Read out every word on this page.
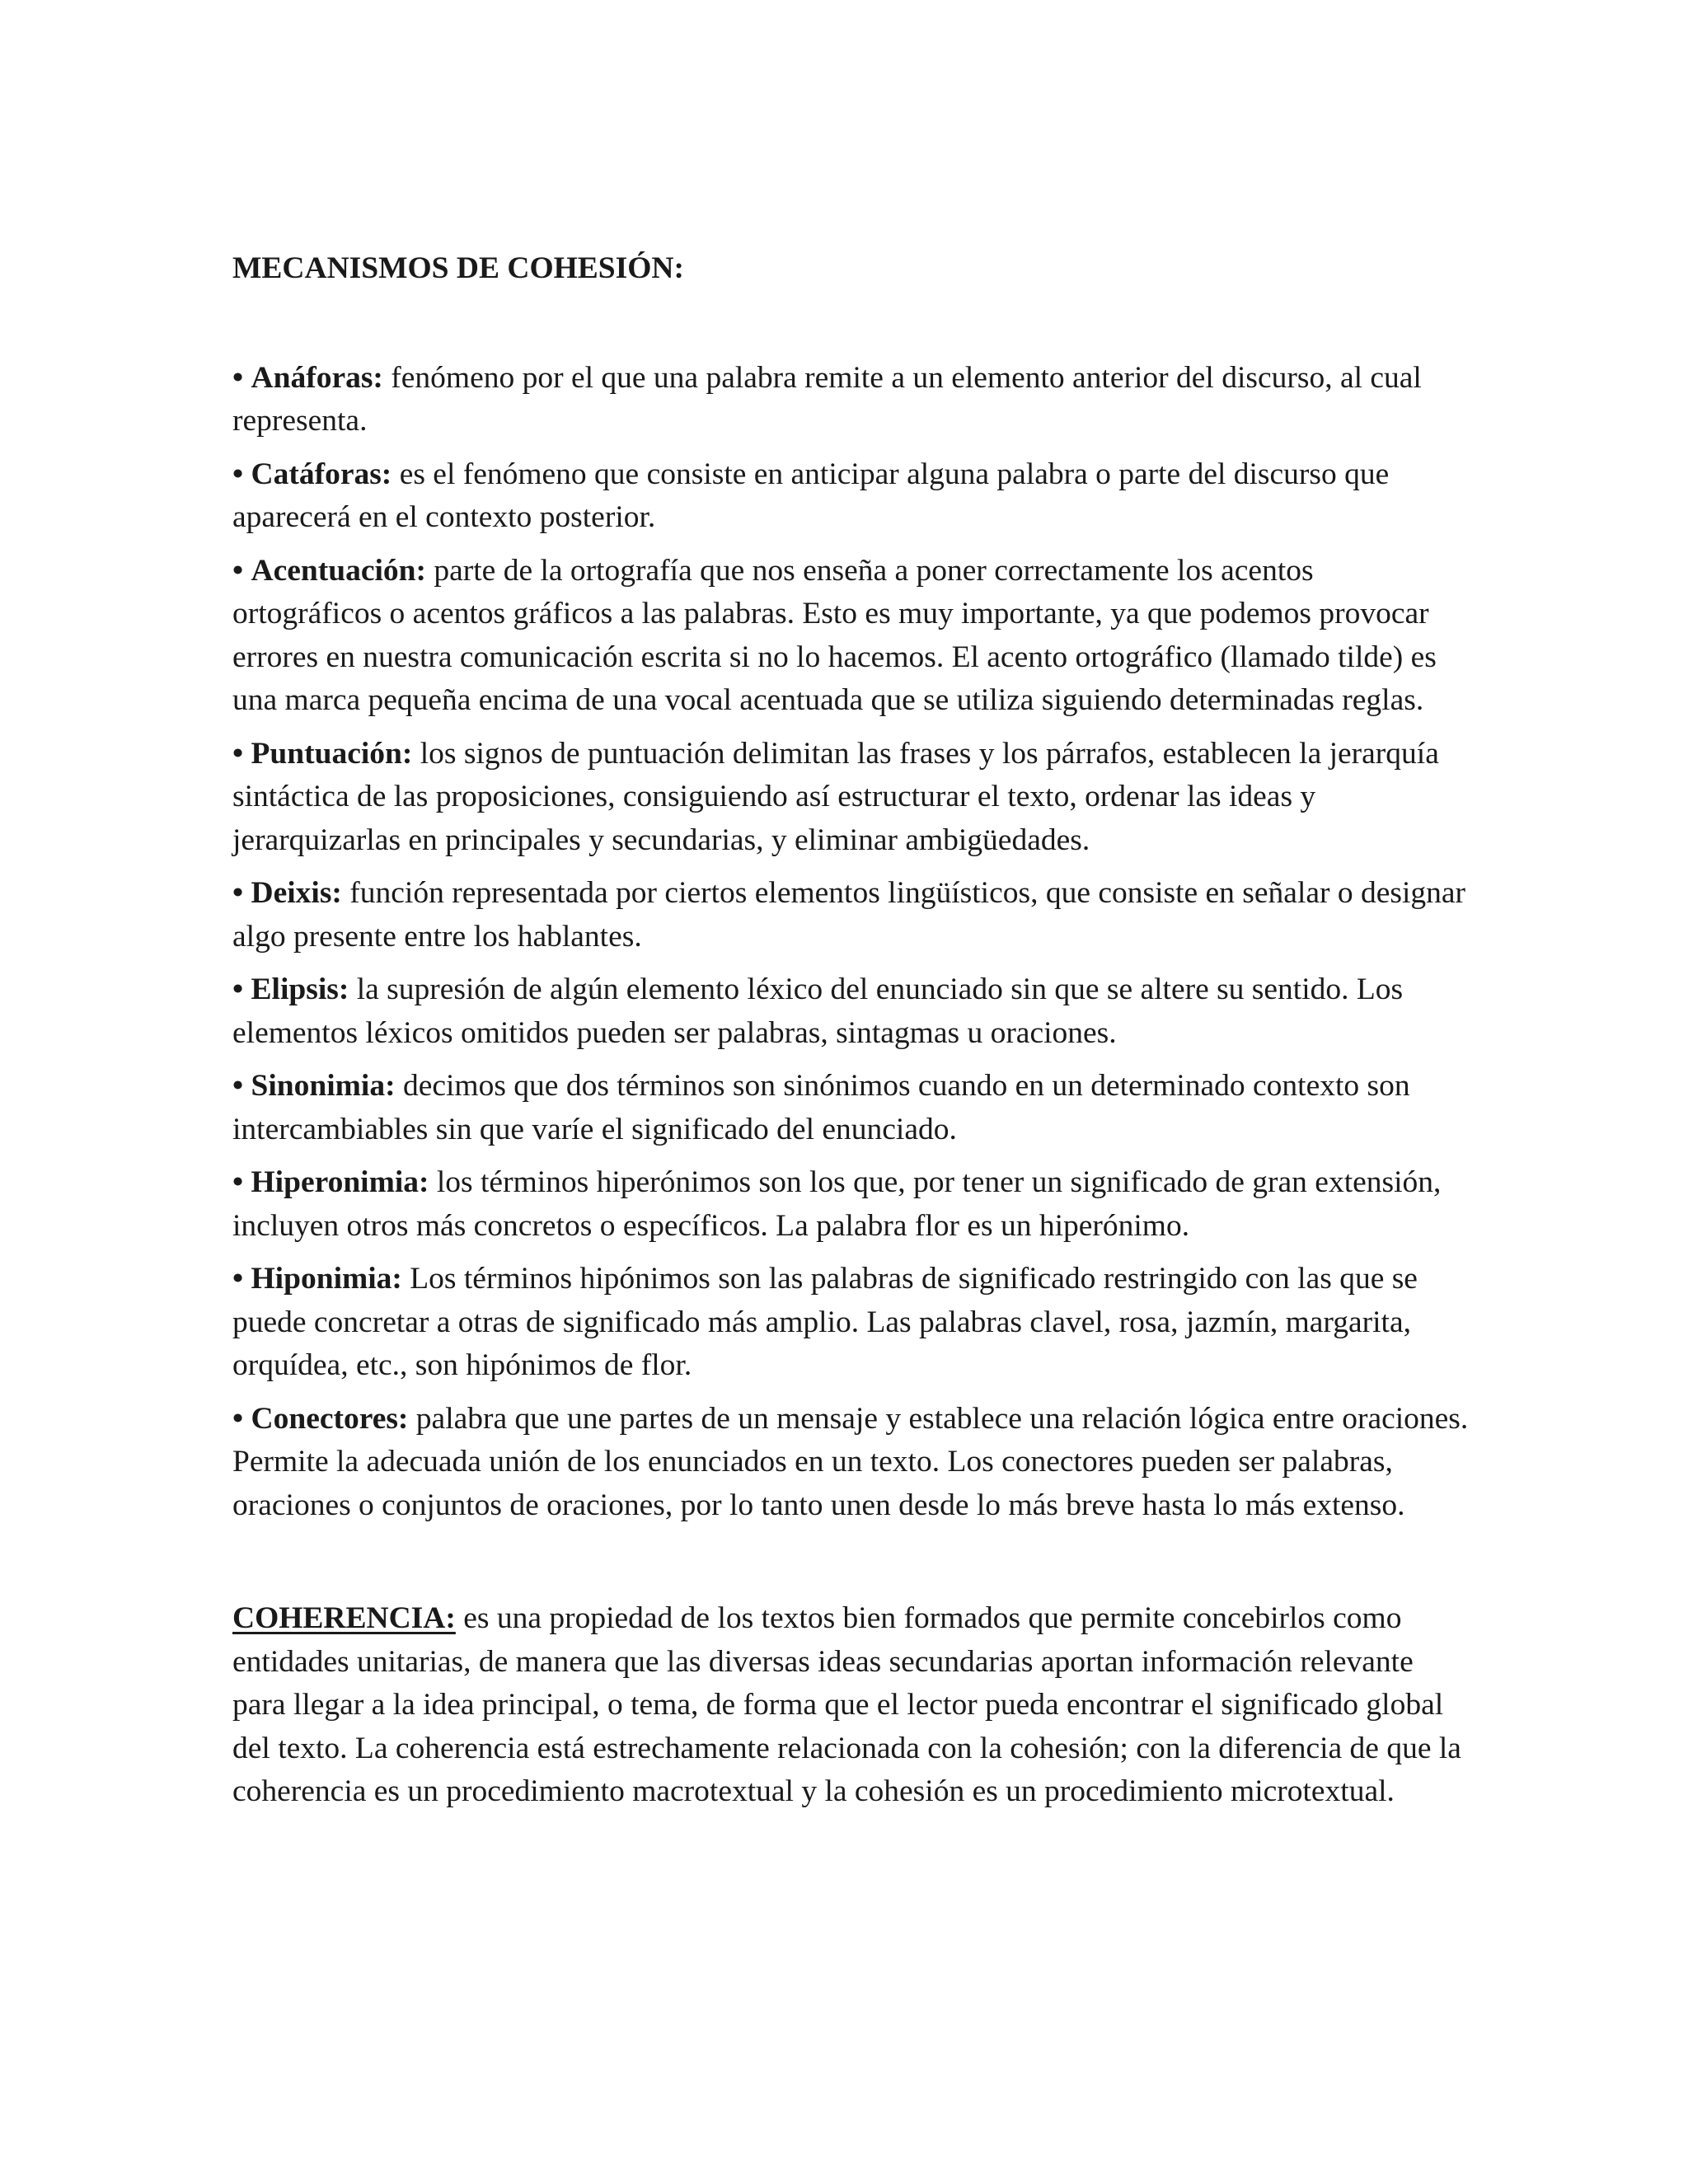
MECANISMOS DE COHESIÓN:
• Anáforas: fenómeno por el que una palabra remite a un elemento anterior del discurso, al cual representa.
• Catáforas: es el fenómeno que consiste en anticipar alguna palabra o parte del discurso que aparecerá en el contexto posterior.
• Acentuación: parte de la ortografía que nos enseña a poner correctamente los acentos ortográficos o acentos gráficos a las palabras. Esto es muy importante, ya que podemos provocar errores en nuestra comunicación escrita si no lo hacemos. El acento ortográfico (llamado tilde) es una marca pequeña encima de una vocal acentuada que se utiliza siguiendo determinadas reglas.
• Puntuación: los signos de puntuación delimitan las frases y los párrafos, establecen la jerarquía sintáctica de las proposiciones, consiguiendo así estructurar el texto, ordenar las ideas y jerarquizarlas en principales y secundarias, y eliminar ambigüedades.
• Deixis: función representada por ciertos elementos lingüísticos, que consiste en señalar o designar algo presente entre los hablantes.
• Elipsis: la supresión de algún elemento léxico del enunciado sin que se altere su sentido. Los elementos léxicos omitidos pueden ser palabras, sintagmas u oraciones.
• Sinonimia: decimos que dos términos son sinónimos cuando en un determinado contexto son intercambiables sin que varíe el significado del enunciado.
• Hiperonimia: los términos hiperónimos son los que, por tener un significado de gran extensión, incluyen otros más concretos o específicos. La palabra flor es un hiperónimo.
• Hiponimia: Los términos hipónimos son las palabras de significado restringido con las que se puede concretar a otras de significado más amplio. Las palabras clavel, rosa, jazmín, margarita, orquídea, etc., son hipónimos de flor.
• Conectores: palabra que une partes de un mensaje y establece una relación lógica entre oraciones. Permite la adecuada unión de los enunciados en un texto. Los conectores pueden ser palabras, oraciones o conjuntos de oraciones, por lo tanto unen desde lo más breve hasta lo más extenso.

COHERENCIA: es una propiedad de los textos bien formados que permite concebirlos como entidades unitarias, de manera que las diversas ideas secundarias aportan información relevante para llegar a la idea principal, o tema, de forma que el lector pueda encontrar el significado global del texto. La coherencia está estrechamente relacionada con la cohesión; con la diferencia de que la coherencia es un procedimiento macrotextual y la cohesión es un procedimiento microtextual.
